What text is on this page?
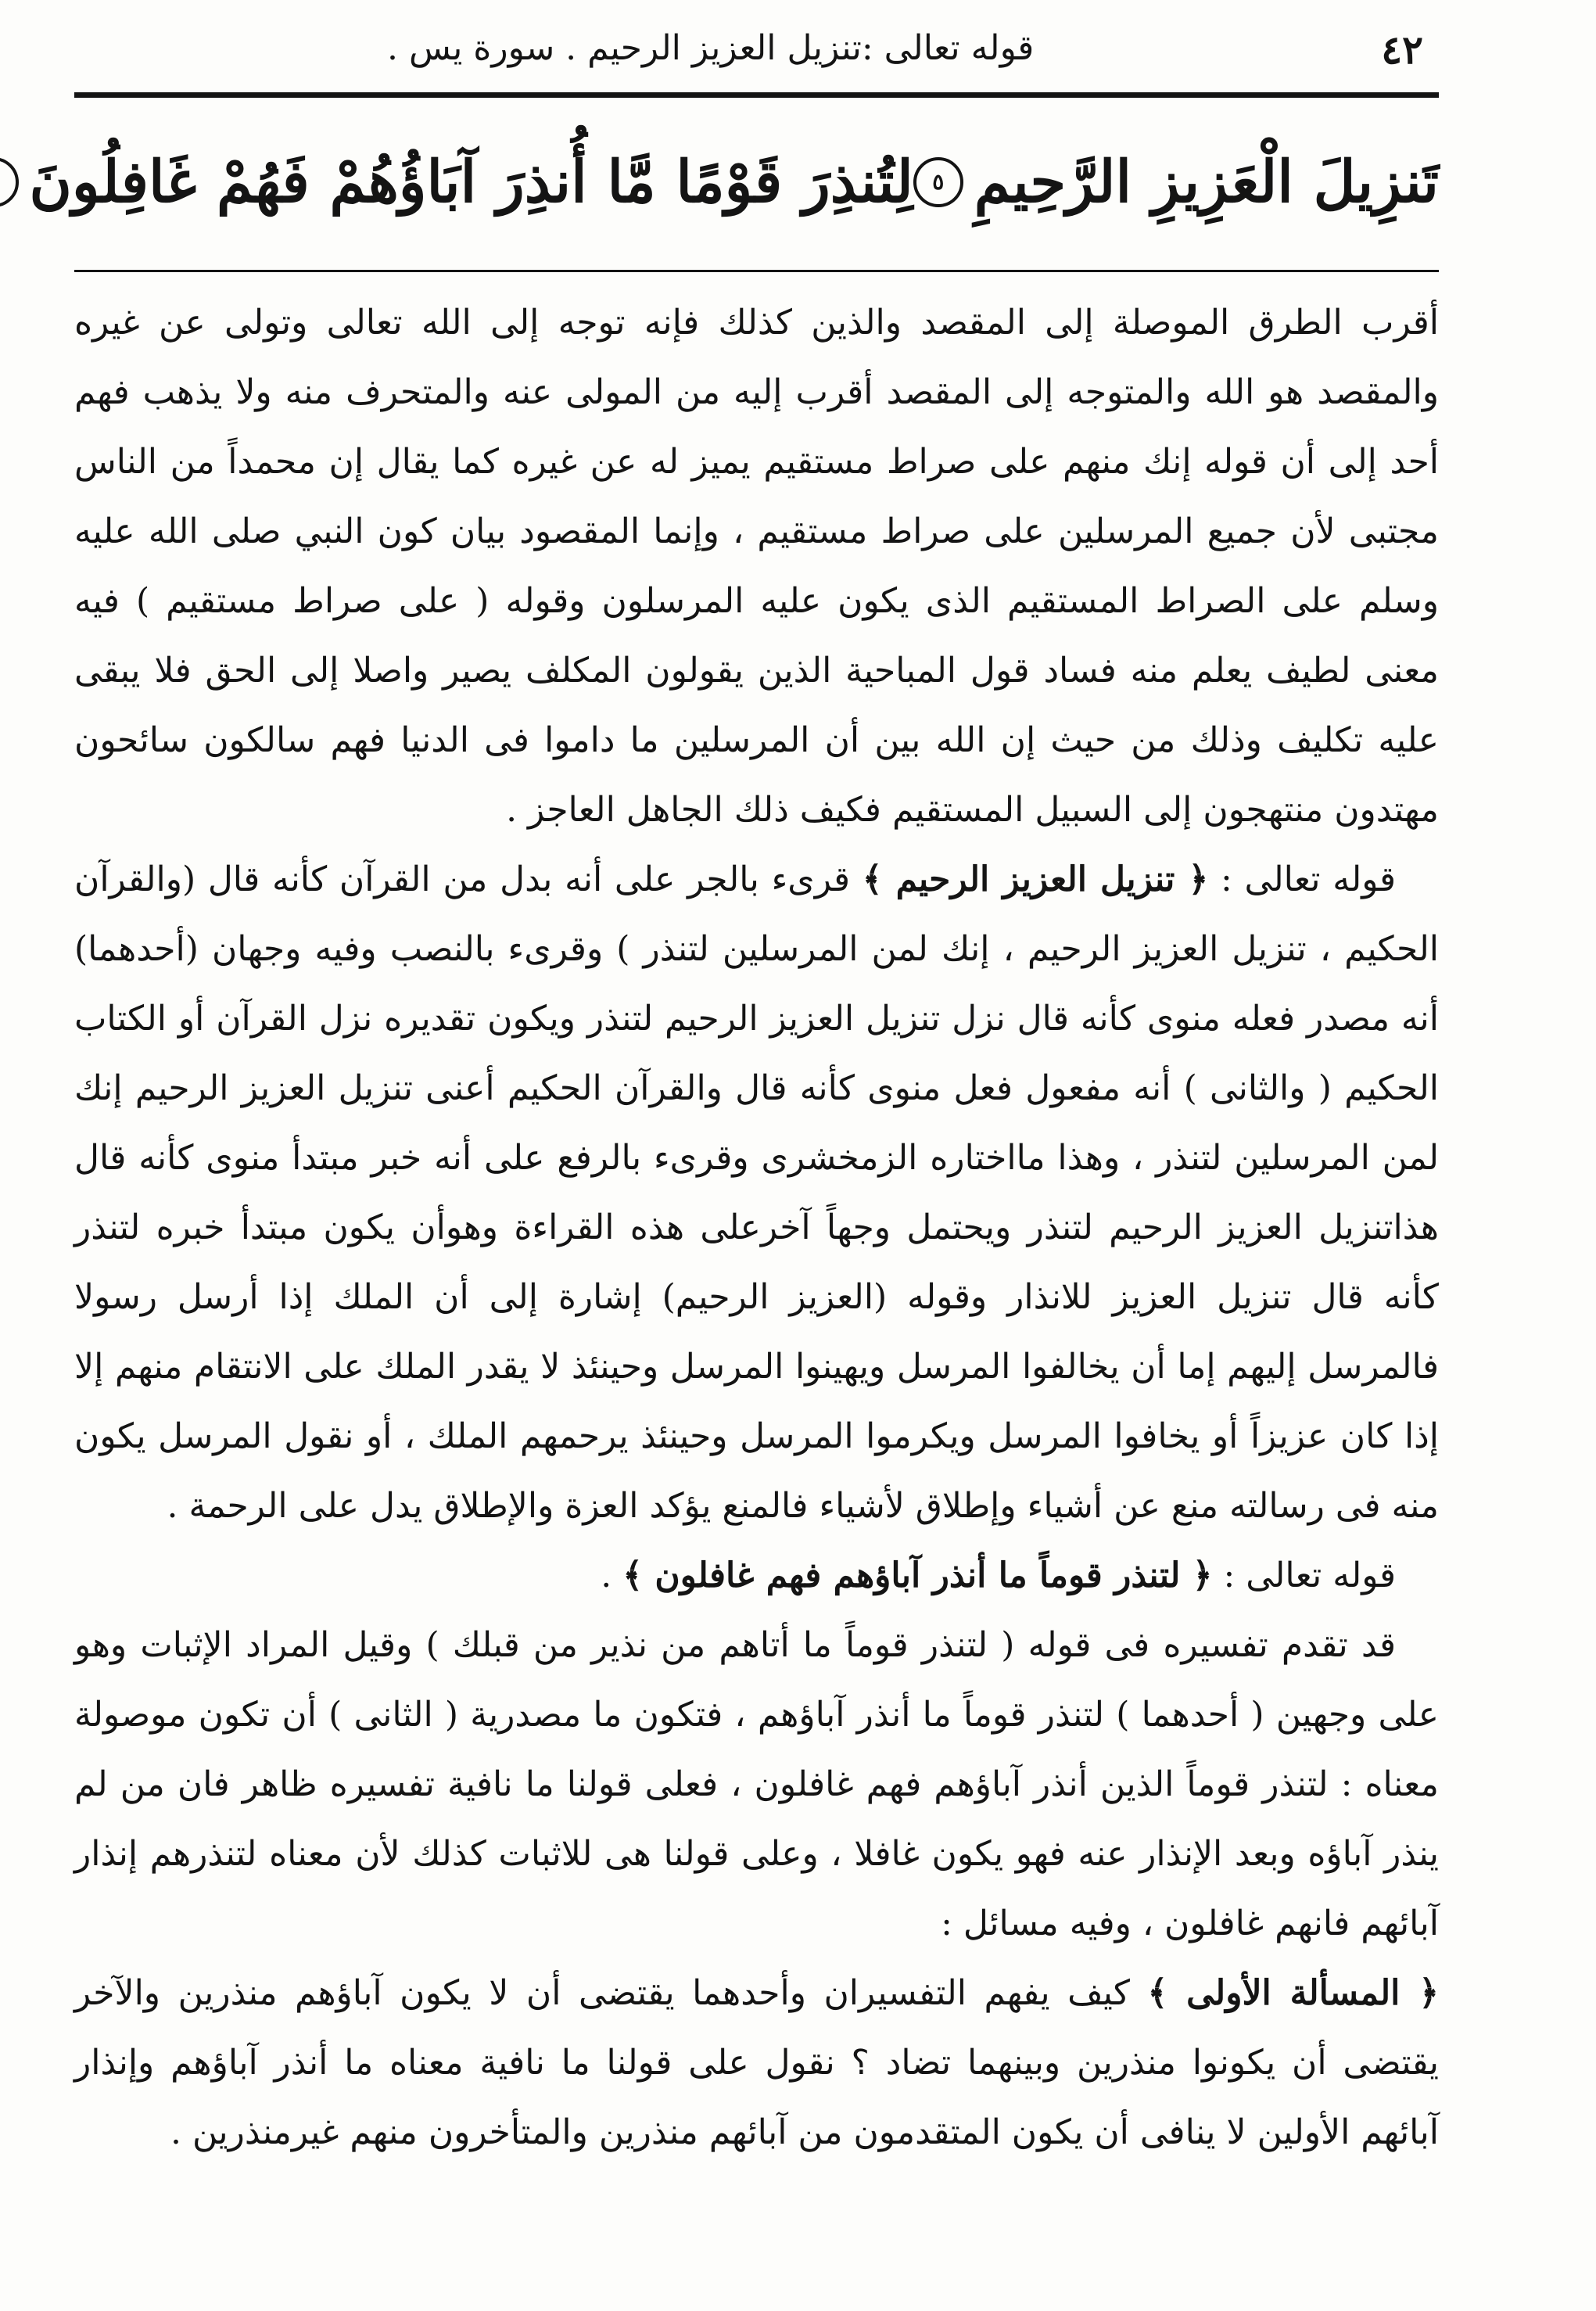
٤٢
قوله تعالى :تنزيل العزيز الرحيم . سورة يس .
تَنزِيلَ الْعَزِيزِ الرَّحِيمِ
٥
لِتُنذِرَ قَوْمًا مَّا أُنذِرَ آبَاؤُهُمْ فَهُمْ غَافِلُونَ

أقرب الطرق الموصلة إلى المقصد والذين كذلك فإنه توجه إلى الله تعالى وتولى عن غيره والمقصد هو الله والمتوجه إلى المقصد أقرب إليه من المولى عنه والمتحرف منه ولا يذهب فهم أحد إلى أن قوله إنك منهم على صراط مستقيم يميز له عن غيره كما يقال إن محمداً من الناس مجتبى لأن جميع المرسلين على صراط مستقيم ، وإنما المقصود بيان كون النبي صلى الله عليه وسلم على الصراط المستقيم الذى يكون عليه المرسلون وقوله ( على صراط مستقيم ) فيه معنى لطيف يعلم منه فساد قول المباحية الذين يقولون المكلف يصير واصلا إلى الحق فلا يبقى عليه تكليف وذلك من حيث إن الله بين أن المرسلين ما داموا فى الدنيا فهم سالكون سائحون مهتدون منتهجون إلى السبيل المستقيم فكيف ذلك الجاهل العاجز .

قوله تعالى : ﴿ تنزيل العزيز الرحيم ﴾ قرىء بالجر على أنه بدل من القرآن كأنه قال (والقرآن الحكيم ، تنزيل العزيز الرحيم ، إنك لمن المرسلين لتنذر ) وقرىء بالنصب وفيه وجهان (أحدهما) أنه مصدر فعله منوى كأنه قال نزل تنزيل العزيز الرحيم لتنذر ويكون تقديره نزل القرآن أو الكتاب الحكيم ( والثانى ) أنه مفعول فعل منوى كأنه قال والقرآن الحكيم أعنى تنزيل العزيز الرحيم إنك لمن المرسلين لتنذر ، وهذا مااختاره الزمخشرى وقرىء بالرفع على أنه خبر مبتدأ منوى كأنه قال هذاتنزيل العزيز الرحيم لتنذر ويحتمل وجهاً آخرعلى هذه القراءة وهوأن يكون مبتدأ خبره لتنذر كأنه قال تنزيل العزيز للانذار وقوله (العزيز الرحيم) إشارة إلى أن الملك إذا أرسل رسولا فالمرسل إليهم إما أن يخالفوا المرسل ويهينوا المرسل وحينئذ لا يقدر الملك على الانتقام منهم إلا إذا كان عزيزاً أو يخافوا المرسل ويكرموا المرسل وحينئذ يرحمهم الملك ، أو نقول المرسل يكون منه فى رسالته منع عن أشياء وإطلاق لأشياء فالمنع يؤكد العزة والإطلاق يدل على الرحمة .

قوله تعالى : ﴿ لتنذر قوماً ما أنذر آباؤهم فهم غافلون ﴾ .

قد تقدم تفسيره فى قوله ( لتنذر قوماً ما أتاهم من نذير من قبلك ) وقيل المراد الإثبات وهو على وجهين ( أحدهما ) لتنذر قوماً ما أنذر آباؤهم ، فتكون ما مصدرية ( الثانى ) أن تكون موصولة معناه : لتنذر قوماً الذين أنذر آباؤهم فهم غافلون ، فعلى قولنا ما نافية تفسيره ظاهر فان من لم ينذر آباؤه وبعد الإنذار عنه فهو يكون غافلا ، وعلى قولنا هى للاثبات كذلك لأن معناه لتنذرهم إنذار آبائهم فانهم غافلون ، وفيه مسائل :

﴿ المسألة الأولى ﴾ كيف يفهم التفسيران وأحدهما يقتضى أن لا يكون آباؤهم منذرين والآخر يقتضى أن يكونوا منذرين وبينهما تضاد ؟ نقول على قولنا ما نافية معناه ما أنذر آباؤهم وإنذار آبائهم الأولين لا ينافى أن يكون المتقدمون من آبائهم منذرين والمتأخرون منهم غيرمنذرين .
